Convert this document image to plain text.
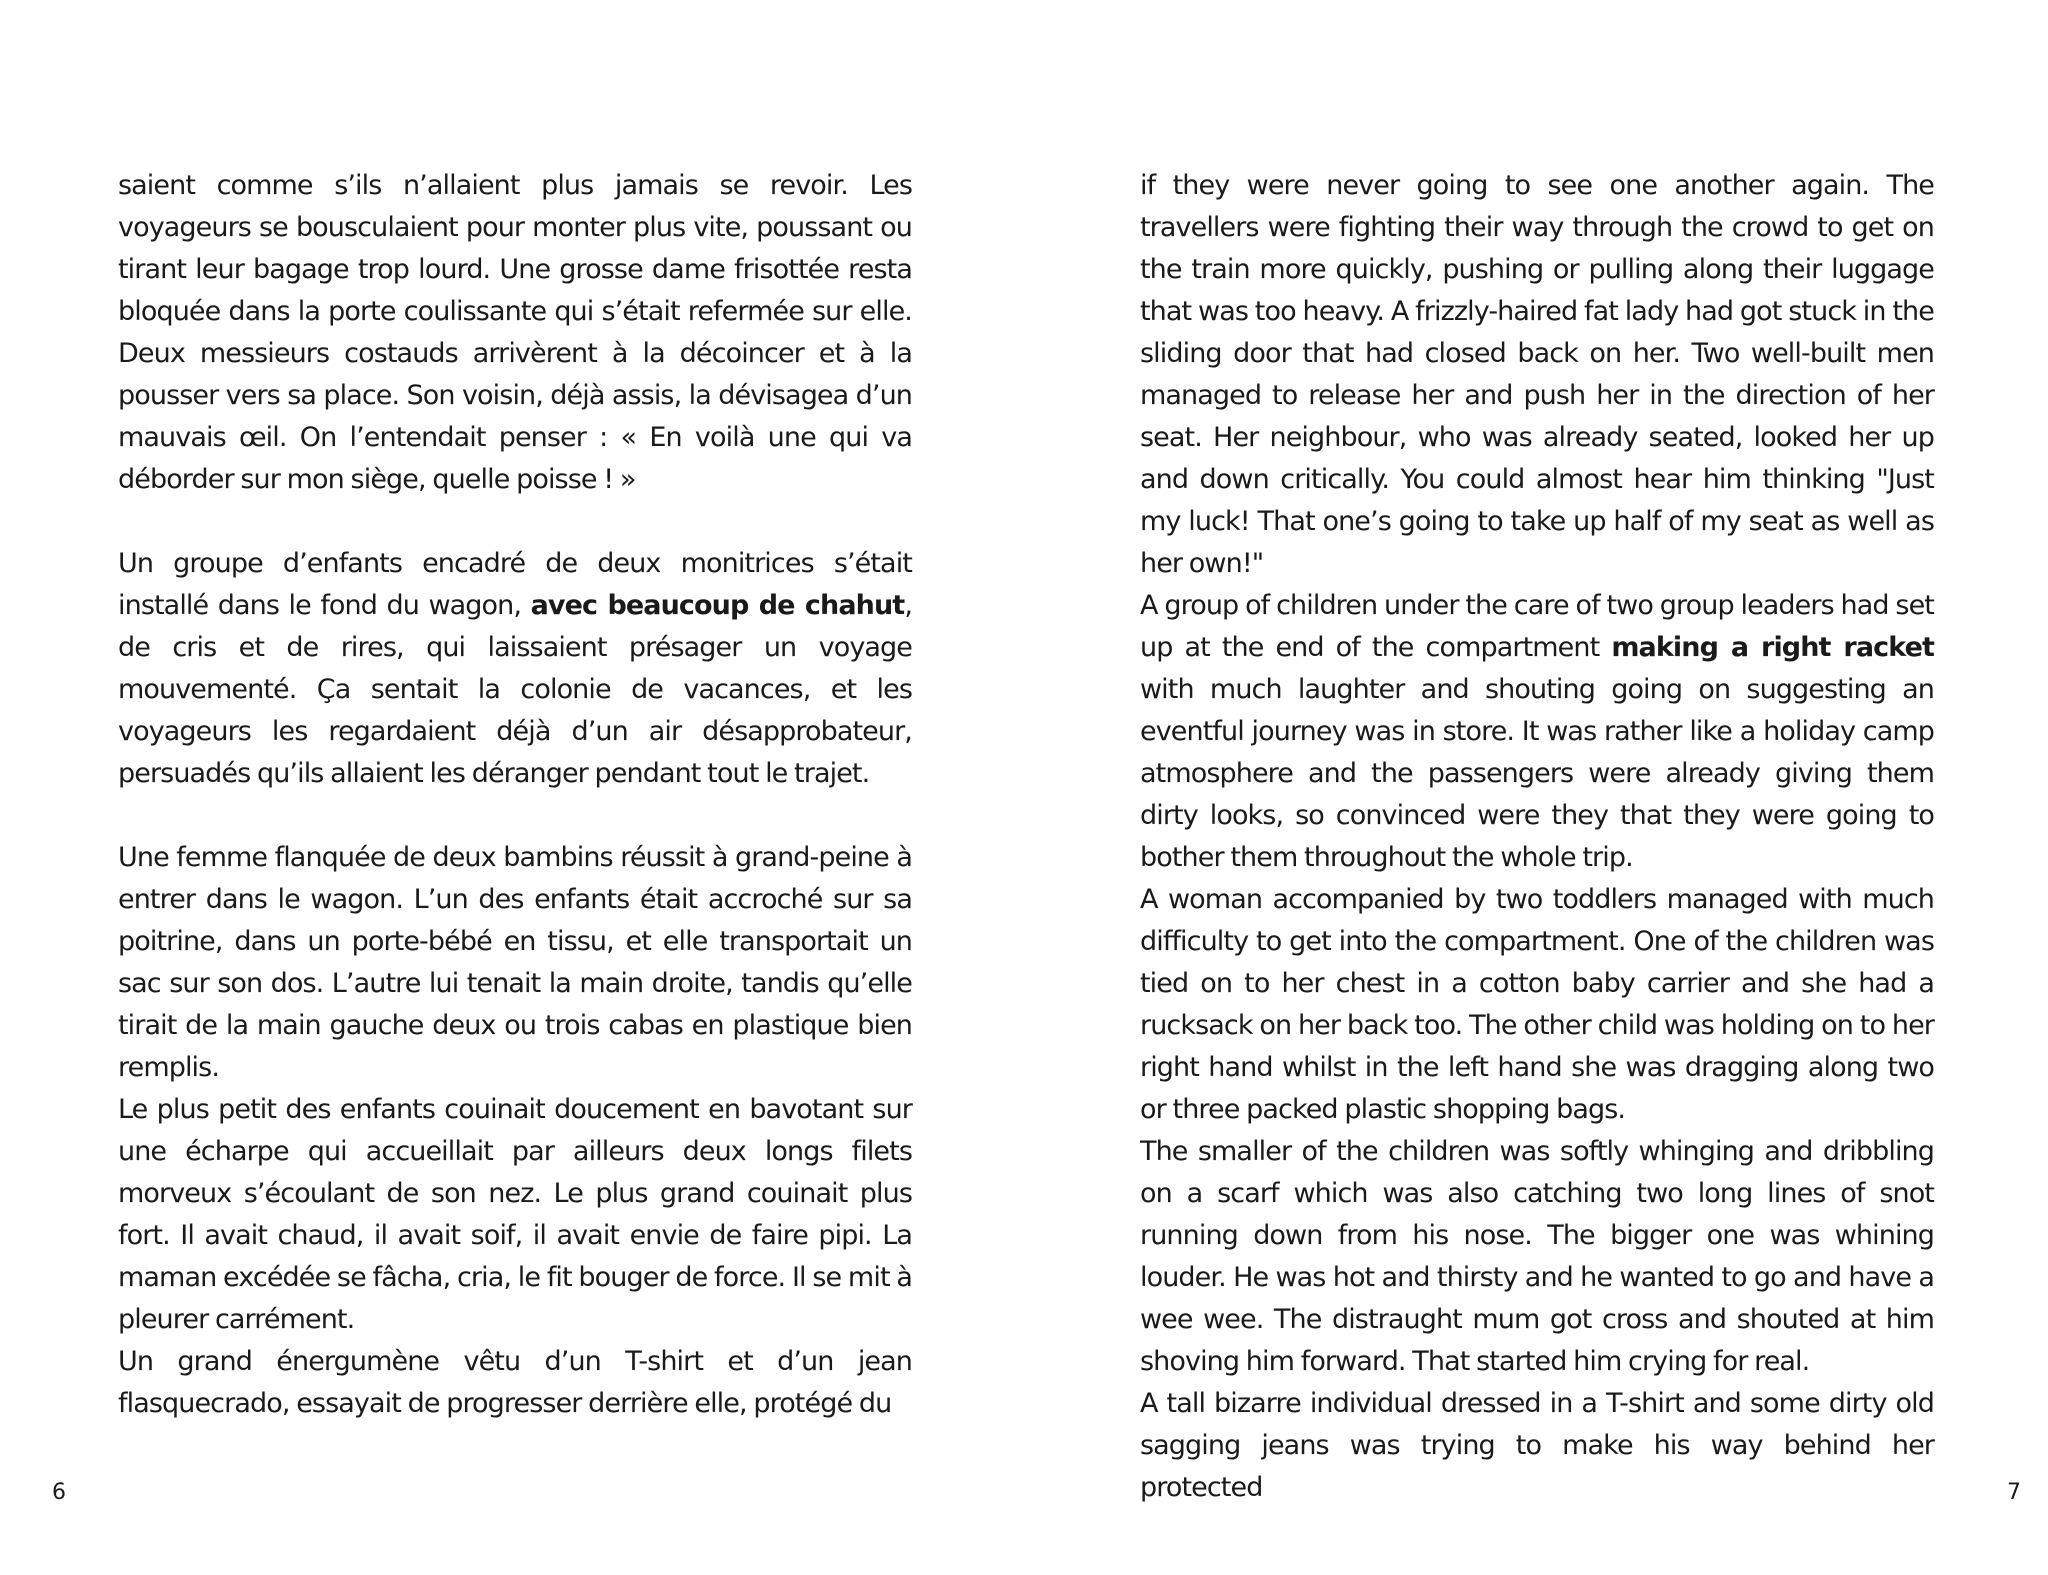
saient comme s’ils n’allaient plus jamais se revoir. Les voyageurs se bousculaient pour monter plus vite, poussant ou tirant leur bagage trop lourd. Une grosse dame frisottée resta bloquée dans la porte coulissante qui s’était refermée sur elle. Deux messieurs costauds arrivèrent à la décoincer et à la pousser vers sa place. Son voisin, déjà assis, la dévisagea d’un mauvais œil. On l’entendait penser : « En voilà une qui va déborder sur mon siège, quelle poisse ! »

Un groupe d’enfants encadré de deux monitrices s’était installé dans le fond du wagon, avec beaucoup de chahut, de cris et de rires, qui laissaient présager un voyage mouvementé. Ça sentait la colonie de vacances, et les voyageurs les regardaient déjà d’un air désapprobateur, persuadés qu’ils allaient les déranger pendant tout le trajet.

Une femme flanquée de deux bambins réussit à grand-peine à entrer dans le wagon. L’un des enfants était accroché sur sa poitrine, dans un porte-bébé en tissu, et elle transportait un sac sur son dos. L’autre lui tenait la main droite, tandis qu’elle tirait de la main gauche deux ou trois cabas en plastique bien remplis.

Le plus petit des enfants couinait doucement en bavotant sur une écharpe qui accueillait par ailleurs deux longs filets morveux s’écoulant de son nez. Le plus grand couinait plus fort. Il avait chaud, il avait soif, il avait envie de faire pipi. La maman excédée se fâcha, cria, le fit bouger de force. Il se mit à pleurer carrément.

Un grand énergumène vêtu d’un T-shirt et d’un jean flasquecrado, essayait de progresser derrière elle, protégé du

6

if they were never going to see one another again. The travellers were fighting their way through the crowd to get on the train more quickly, pushing or pulling along their luggage that was too heavy. A frizzly-haired fat lady had got stuck in the sliding door that had closed back on her. Two well-built men managed to release her and push her in the direction of her seat. Her neighbour, who was already seated, looked her up and down critically. You could almost hear him thinking "Just my luck! That one’s going to take up half of my seat as well as her own!"

A group of children under the care of two group leaders had set up at the end of the compartment making a right racket with much laughter and shouting going on suggesting an eventful journey was in store. It was rather like a holiday camp atmosphere and the passengers were already giving them dirty looks, so convinced were they that they were going to bother them throughout the whole trip.

A woman accompanied by two toddlers managed with much difficulty to get into the compartment. One of the children was tied on to her chest in a cotton baby carrier and she had a rucksack on her back too. The other child was holding on to her right hand whilst in the left hand she was dragging along two or three packed plastic shopping bags.

The smaller of the children was softly whinging and dribbling on a scarf which was also catching two long lines of snot running down from his nose. The bigger one was whining louder. He was hot and thirsty and he wanted to go and have a wee wee. The distraught mum got cross and shouted at him shoving him forward. That started him crying for real.

A tall bizarre individual dressed in a T-shirt and some dirty old sagging jeans was trying to make his way behind her protected	7
